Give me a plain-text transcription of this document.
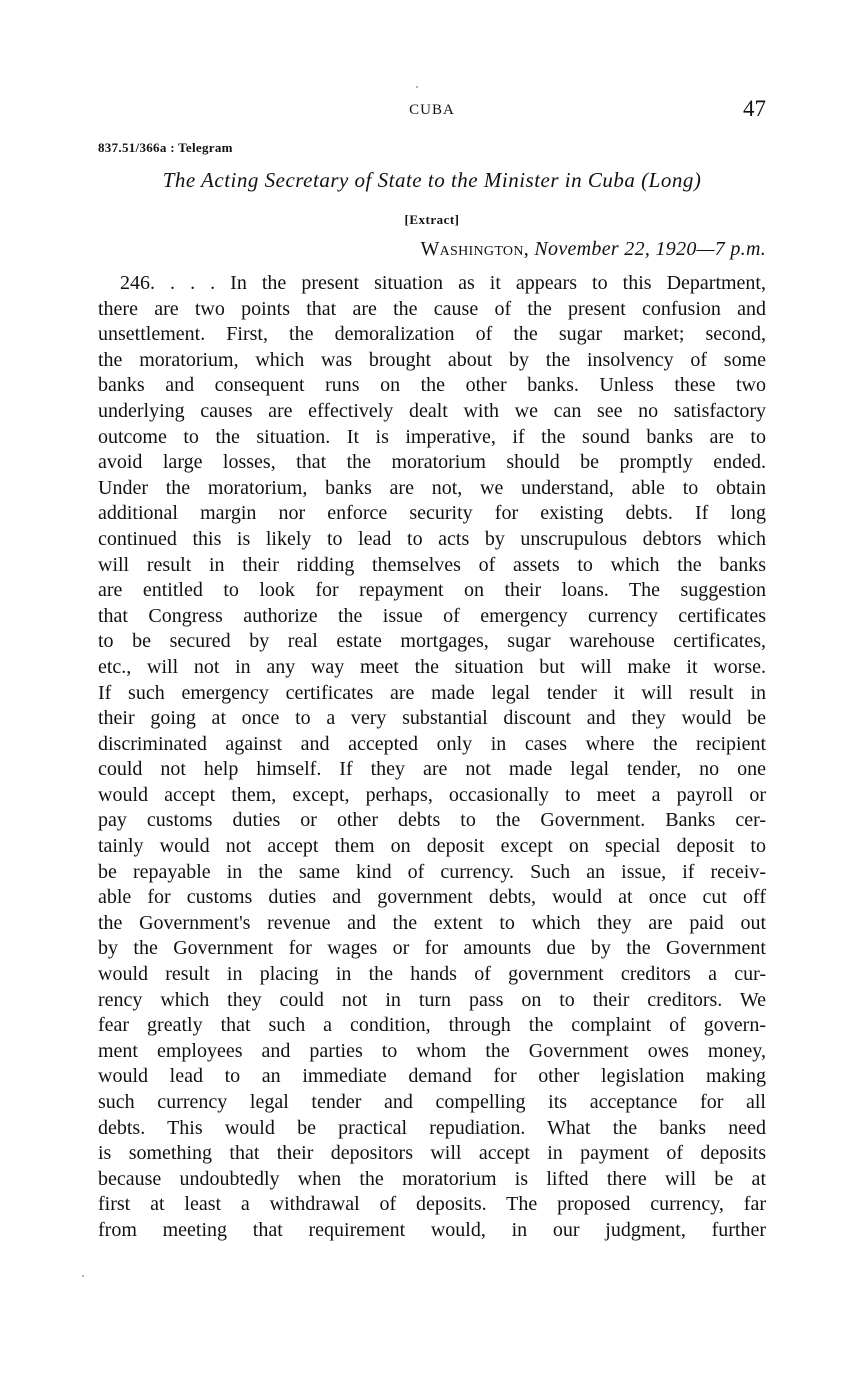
CUBA	47
837.51/366a : Telegram
The Acting Secretary of State to the Minister in Cuba (Long)
[Extract]
Washington, November 22, 1920—7 p.m.
246. . . . In the present situation as it appears to this Department,
there are two points that are the cause of the present confusion and
unsettlement. First, the demoralization of the sugar market; second,
the moratorium, which was brought about by the insolvency of some
banks and consequent runs on the other banks. Unless these two
underlying causes are effectively dealt with we can see no satisfactory
outcome to the situation. It is imperative, if the sound banks are to
avoid large losses, that the moratorium should be promptly ended.
Under the moratorium, banks are not, we understand, able to obtain
additional margin nor enforce security for existing debts. If long
continued this is likely to lead to acts by unscrupulous debtors which
will result in their ridding themselves of assets to which the banks
are entitled to look for repayment on their loans. The suggestion
that Congress authorize the issue of emergency currency certificates
to be secured by real estate mortgages, sugar warehouse certificates,
etc., will not in any way meet the situation but will make it worse.
If such emergency certificates are made legal tender it will result in
their going at once to a very substantial discount and they would be
discriminated against and accepted only in cases where the recipient
could not help himself. If they are not made legal tender, no one
would accept them, except, perhaps, occasionally to meet a payroll or
pay customs duties or other debts to the Government. Banks cer-
tainly would not accept them on deposit except on special deposit to
be repayable in the same kind of currency. Such an issue, if receiv-
able for customs duties and government debts, would at once cut off
the Government's revenue and the extent to which they are paid out
by the Government for wages or for amounts due by the Government
would result in placing in the hands of government creditors a cur-
rency which they could not in turn pass on to their creditors. We
fear greatly that such a condition, through the complaint of govern-
ment employees and parties to whom the Government owes money,
would lead to an immediate demand for other legislation making
such currency legal tender and compelling its acceptance for all
debts. This would be practical repudiation. What the banks need
is something that their depositors will accept in payment of deposits
because undoubtedly when the moratorium is lifted there will be at
first at least a withdrawal of deposits. The proposed currency, far
from meeting that requirement would, in our judgment, further
